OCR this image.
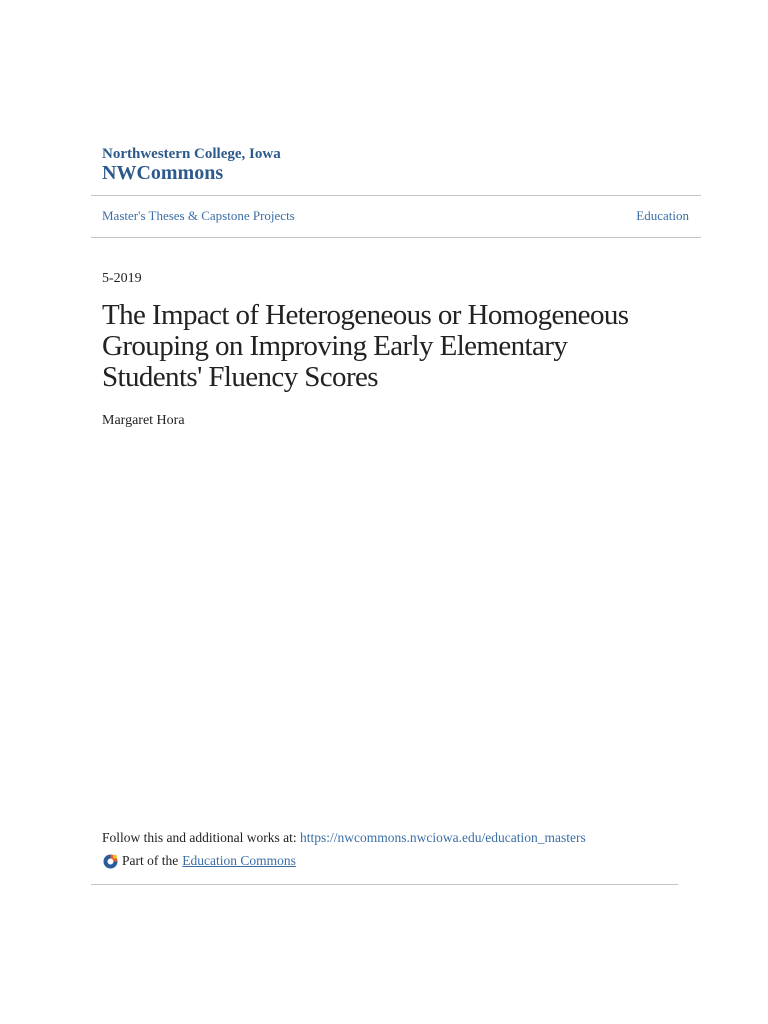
Northwestern College, Iowa
NWCommons
Master's Theses & Capstone Projects	Education
5-2019
The Impact of Heterogeneous or Homogeneous
Grouping on Improving Early Elementary
Students' Fluency Scores
Margaret Hora
Follow this and additional works at: https://nwcommons.nwciowa.edu/education_masters
Part of the Education Commons
